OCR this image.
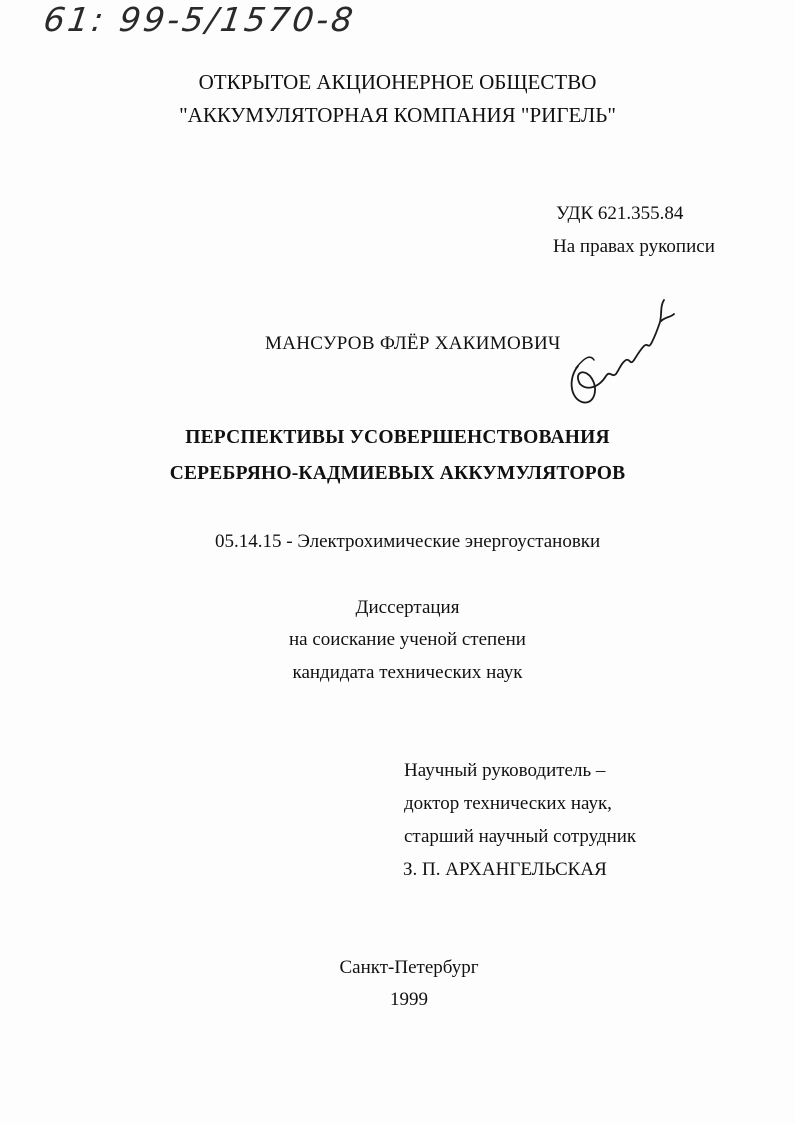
61: 99-5/1570-8
ОТКРЫТОЕ АКЦИОНЕРНОЕ ОБЩЕСТВО
"АККУМУЛЯТОРНАЯ КОМПАНИЯ "РИГЕЛЬ"
УДК 621.355.84
На правах рукописи
МАНСУРОВ ФЛЁР ХАКИМОВИЧ
ПЕРСПЕКТИВЫ УСОВЕРШЕНСТВОВАНИЯ
СЕРЕБРЯНО-КАДМИЕВЫХ АККУМУЛЯТОРОВ
05.14.15 - Электрохимические энергоустановки
Диссертация
на соискание ученой степени
кандидата технических наук
Научный руководитель –
доктор технических наук,
старший научный сотрудник
З. П. АРХАНГЕЛЬСКАЯ
Санкт-Петербург
1999
